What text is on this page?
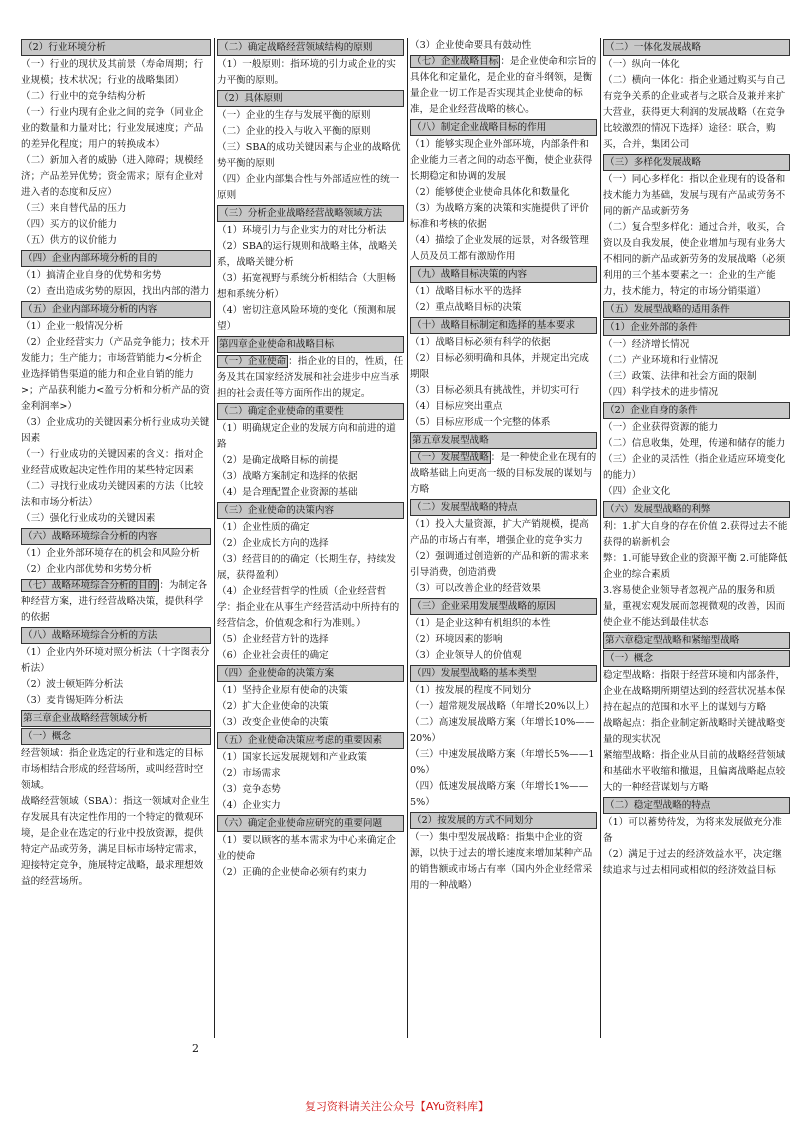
（2）行业环境分析

（一）行业的现状及其前景（寿命周期；行业规模；技术状况；行业的战略集团）

（二）行业中的竞争结构分析

（一）行业内现有企业之间的竞争（同业企业的数量和力量对比；行业发展速度；产品的差异化程度；用户的转换成本）

（二）新加入者的威胁（进入障碍；规模经济；产品差异优势；资金需求；原有企业对进入者的态度和反应）

（三）来自替代品的压力

（四）买方的议价能力

（五）供方的议价能力

（四）企业内部环境分析的目的

（1）搞清企业自身的优势和劣势

（2）查出造成劣势的原因，找出内部的潜力

（五）企业内部环境分析的内容

（1）企业一般情况分析

（2）企业经营实力（产品竞争能力；技术开发能力；生产能力；市场营销能力<分析企业选择销售渠道的能力和企业自销的能力>；产品获利能力<盈亏分析和分析产品的资金利润率>）

（3）企业成功的关键因素分析行业成功关键因素

（一）行业成功的关键因素的含义：指对企业经营成败起决定性作用的某些特定因素

（二）寻找行业成功关键因素的方法（比较法和市场分析法）

（三）强化行业成功的关键因素

（六）战略环境综合分析的内容

（1）企业外部环境存在的机会和风险分析

（2）企业内部优势和劣势分析

（七）战略环境综合分析的目的 ：为制定各种经营方案，进行经营战略决策，提供科学的依据

（八）战略环境综合分析的方法

（1）企业内外环境对照分析法（十字图表分析法）

（2）波士顿矩阵分析法

（3）麦肯锡矩阵分析法

第三章企业战略经营领域分析
（一）概念

经营领域：指企业选定的行业和选定的目标市场相结合形成的经营场所，或叫经营时空领域。

战略经营领域（SBA）：指这一领域对企业生存发展具有决定性作用的一个特定的微观环境，是企业在选定的行业中投放资源，提供特定产品或劳务，满足目标市场特定需求，迎接特定竞争，施展特定战略，最求理想效益的经营场所。

（二）确定战略经营领域结构的原则

（1）一般原则：指环境的引力或企业的实力平衡的原则。

（2）具体原则

（一）企业的生存与发展平衡的原则

（二）企业的投入与收入平衡的原则

（三）SBA的成功关键因素与企业的战略优势平衡的原则

（四）企业内部集合性与外部适应性的统一原则

（三）分析企业战略经营战略领域方法

（1）环境引力与企业实力的对比分析法

（2）SBA的运行规则和战略主体，战略关系，战略关键分析

（3）拓宽视野与系统分析相结合（大胆畅想和系统分析）

（4）密切注意风险环境的变化（预测和展望）

第四章企业使命和战略目标

（一）企业使命 ：指企业的目的，性质，任务及其在国家经济发展和社会进步中应当承担的社会责任等方面所作出的规定。

（二）确定企业使命的重要性

（1）明确规定企业的发展方向和前进的道路

（2）是确定战略目标的前提

（3）战略方案制定和选择的依据

（4）是合理配置企业资源的基础

（三）企业使命的决策内容

（1）企业性质的确定

（2）企业成长方向的选择

（3）经营目的的确定（长期生存，持续发展，获得盈利）

（4）企业经营哲学的性质（企业经营哲学：指企业在从事生产经营活动中所持有的经营信念，价值观念和行为准则。）

（5）企业经营方针的选择

（6）企业社会责任的确定

（四）企业使命的决策方案

（1）坚持企业原有使命的决策

（2）扩大企业使命的决策

（3）改变企业使命的决策

（五）企业使命决策应考虑的重要因素

（1）国家长远发展规划和产业政策

（2）市场需求

（3）竞争态势

（4）企业实力

（六）确定企业使命应研究的重要问题

（1）要以顾客的基本需求为中心来确定企业的使命

（2）正确的企业使命必须有约束力

（3）企业使命要具有鼓动性

（七）企业战略目标 ：是企业使命和宗旨的具体化和定量化，是企业的奋斗纲领，是衡量企业一切工作是否实现其企业使命的标准，是企业经营战略的核心。

（八）制定企业战略目标的作用

（1）能够实现企业外部环境，内部条件和企业能力三者之间的动态平衡，使企业获得长期稳定和协调的发展

（2）能够使企业使命具体化和数量化

（3）为战略方案的决策和实施提供了评价标准和考核的依据

（4）描绘了企业发展的远景，对各级管理人员及员工都有激励作用

（九）战略目标决策的内容

（1）战略目标水平的选择

（2）重点战略目标的决策

（十）战略目标制定和选择的基本要求

（1）战略目标必须有科学的依据

（2）目标必须明确和具体，并规定出完成期限

（3）目标必须具有挑战性，并切实可行

（4）目标应突出重点

（5）目标应形成一个完整的体系

第五章发展型战略

（一）发展型战略 ：是一种使企业在现有的战略基础上向更高一级的目标发展的谋划与方略

（二）发展型战略的特点

（1）投入大量资源，扩大产销规模，提高产品的市场占有率，增强企业的竞争实力

（2）强调通过创造新的产品和新的需求来引导消费，创造消费

（3）可以改善企业的经营效果

（三）企业采用发展型战略的原因

（1）是企业这种有机组织的本性

（2）环境因素的影响

（3）企业领导人的价值观

（四）发展型战略的基本类型

（1）按发展的程度不同划分

（一）超常规发展战略（年增长20%以上）

（二）高速发展战略方案（年增长10%——20%）

（三）中速发展战略方案（年增长5%——10%）

（四）低速发展战略方案（年增长1%——5%）

（2）按发展的方式不同划分

（一）集中型发展战略：指集中企业的资源，以快于过去的增长速度来增加某种产品的销售额或市场占有率（国内外企业经常采用的一种战略）

（二）一体化发展战略

（一）纵向一体化

（二）横向一体化：指企业通过购买与自己有竞争关系的企业或者与之联合及兼并来扩大营业，获得更大利润的发展战略（在竞争比较激烈的情况下选择）途径：联合，购买，合并，集团公司

（三）多样化发展战略

（一）同心多样化：指以企业现有的设备和技术能力为基础，发展与现有产品或劳务不同的新产品或新劳务

（二）复合型多样化：通过合并，收买，合资以及自我发展，使企业增加与现有业务大不相同的新产品或新劳务的发展战略（必须利用的三个基本要素之一：企业的生产能力，技术能力，特定的市场分销渠道）

（五）发展型战略的适用条件
（1）企业外部的条件

（一）经济增长情况

（二）产业环境和行业情况

（三）政策、法律和社会方面的限制

（四）科学技术的进步情况

（2）企业自身的条件

（一）企业获得资源的能力

（二）信息收集，处理，传递和储存的能力

（三）企业的灵活性（指企业适应环境变化的能力）

（四）企业文化

（六）发展型战略的利弊

利：1.扩大自身的存在价值 2.获得过去不能获得的崭新机会

弊：1.可能导致企业的资源平衡 2.可能降低企业的综合素质

3.容易使企业领导者忽视产品的服务和质量，重视宏观发展而忽视微观的改善，因而使企业不能达到最佳状态

第六章稳定型战略和紧缩型战略
（一）概念

稳定型战略：指限于经营环境和内部条件，企业在战略期所期望达到的经营状况基本保持在起点的范围和水平上的谋划与方略

战略起点：指企业制定新战略时关键战略变量的现实状况

紧缩型战略：指企业从目前的战略经营领域和基础水平收缩和撤退，且偏离战略起点较大的一种经营谋划与方略

（二）稳定型战略的特点

（1）可以蓄势待发，为将来发展做充分准备

（2）满足于过去的经济效益水平，决定继续追求与过去相同或相似的经济效益目标

2
复习资料请关注公众号【AYu资料库】
